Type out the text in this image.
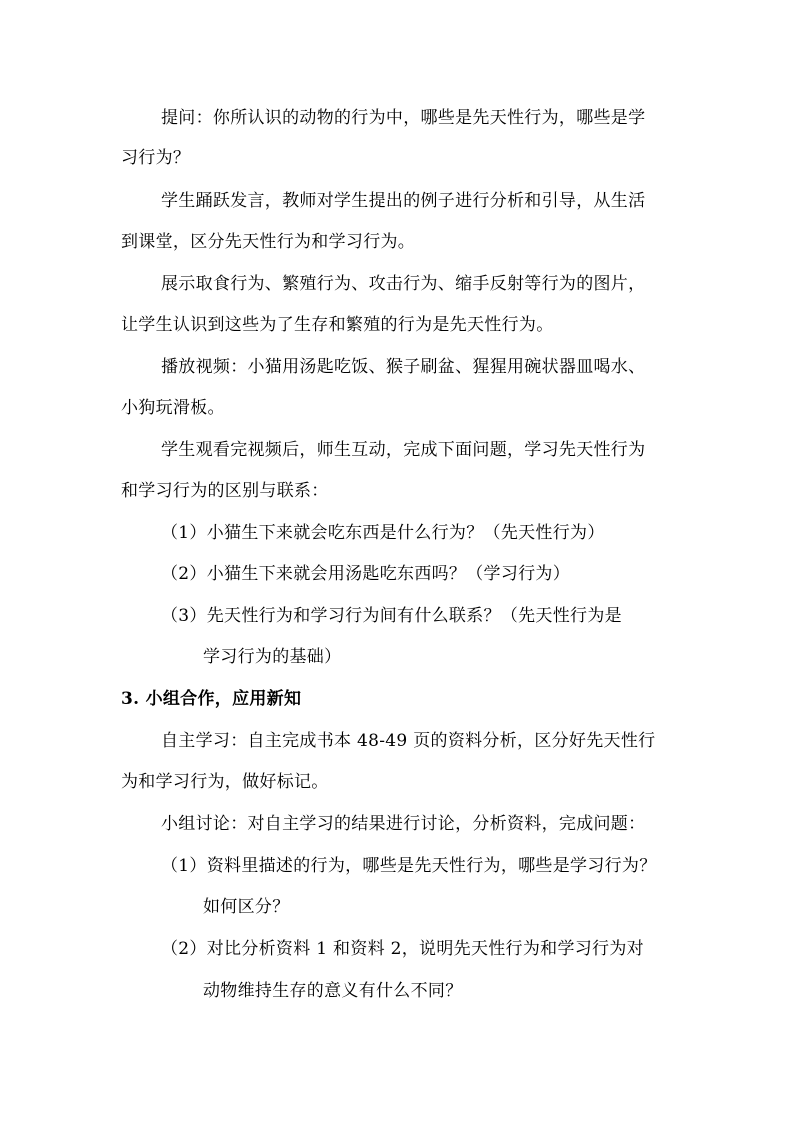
提问：你所认识的动物的行为中，哪些是先天性行为，哪些是学
习行为？
学生踊跃发言，教师对学生提出的例子进行分析和引导，从生活
到课堂，区分先天性行为和学习行为。
展示取食行为、繁殖行为、攻击行为、缩手反射等行为的图片，
让学生认识到这些为了生存和繁殖的行为是先天性行为。
播放视频：小猫用汤匙吃饭、猴子刷盆、猩猩用碗状器皿喝水、
小狗玩滑板。
学生观看完视频后，师生互动，完成下面问题，学习先天性行为
和学习行为的区别与联系：
（1）小猫生下来就会吃东西是什么行为？（先天性行为）
（2）小猫生下来就会用汤匙吃东西吗？（学习行为）
（3）先天性行为和学习行为间有什么联系？（先天性行为是
学习行为的基础）
3. 小组合作，应用新知
自主学习：自主完成书本 48-49 页的资料分析，区分好先天性行
为和学习行为，做好标记。
小组讨论：对自主学习的结果进行讨论，分析资料，完成问题：
（1）资料里描述的行为，哪些是先天性行为，哪些是学习行为？
如何区分？
（2）对比分析资料 1 和资料 2，说明先天性行为和学习行为对
动物维持生存的意义有什么不同？
